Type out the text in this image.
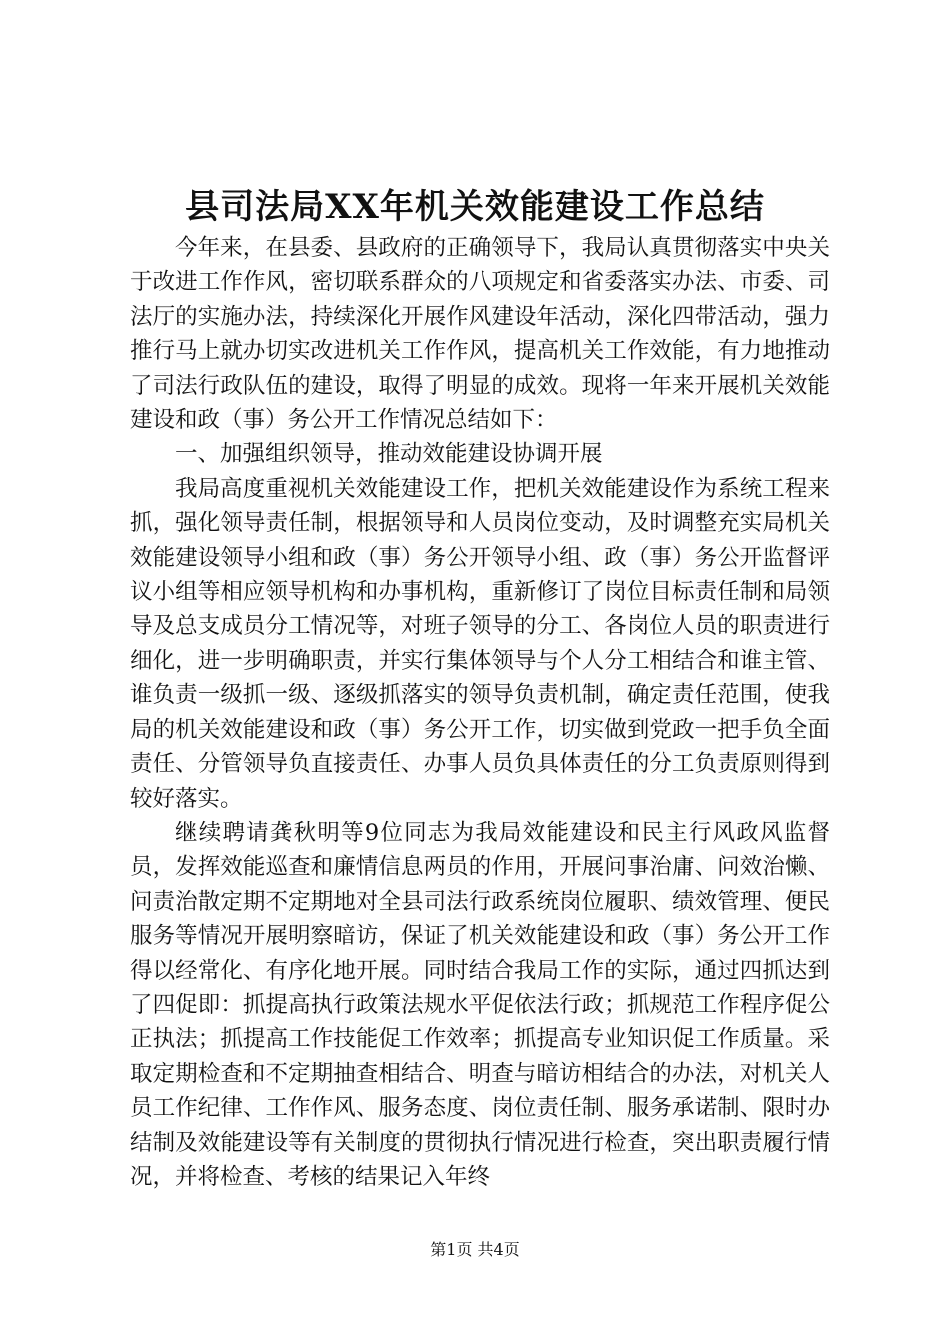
县司法局XX年机关效能建设工作总结

今年来，在县委、县政府的正确领导下，我局认真贯彻落实中央关于改进工作作风，密切联系群众的八项规定和省委落实办法、市委、司法厅的实施办法，持续深化开展作风建设年活动，深化四带活动，强力推行马上就办切实改进机关工作作风，提高机关工作效能，有力地推动了司法行政队伍的建设，取得了明显的成效。现将一年来开展机关效能建设和政（事）务公开工作情况总结如下：

一、加强组织领导，推动效能建设协调开展

我局高度重视机关效能建设工作，把机关效能建设作为系统工程来抓，强化领导责任制，根据领导和人员岗位变动，及时调整充实局机关效能建设领导小组和政（事）务公开领导小组、政（事）务公开监督评议小组等相应领导机构和办事机构，重新修订了岗位目标责任制和局领导及总支成员分工情况等，对班子领导的分工、各岗位人员的职责进行细化，进一步明确职责，并实行集体领导与个人分工相结合和谁主管、谁负责一级抓一级、逐级抓落实的领导负责机制，确定责任范围，使我局的机关效能建设和政（事）务公开工作，切实做到党政一把手负全面责任、分管领导负直接责任、办事人员负具体责任的分工负责原则得到较好落实。

继续聘请龚秋明等9位同志为我局效能建设和民主行风政风监督员，发挥效能巡查和廉情信息两员的作用，开展问事治庸、问效治懒、问责治散定期不定期地对全县司法行政系统岗位履职、绩效管理、便民服务等情况开展明察暗访，保证了机关效能建设和政（事）务公开工作得以经常化、有序化地开展。同时结合我局工作的实际，通过四抓达到了四促即：抓提高执行政策法规水平促依法行政；抓规范工作程序促公正执法；抓提高工作技能促工作效率；抓提高专业知识促工作质量。采取定期检查和不定期抽查相结合、明查与暗访相结合的办法，对机关人员工作纪律、工作作风、服务态度、岗位责任制、服务承诺制、限时办结制及效能建设等有关制度的贯彻执行情况进行检查，突出职责履行情况，并将检查、考核的结果记入年终

第1页 共4页
